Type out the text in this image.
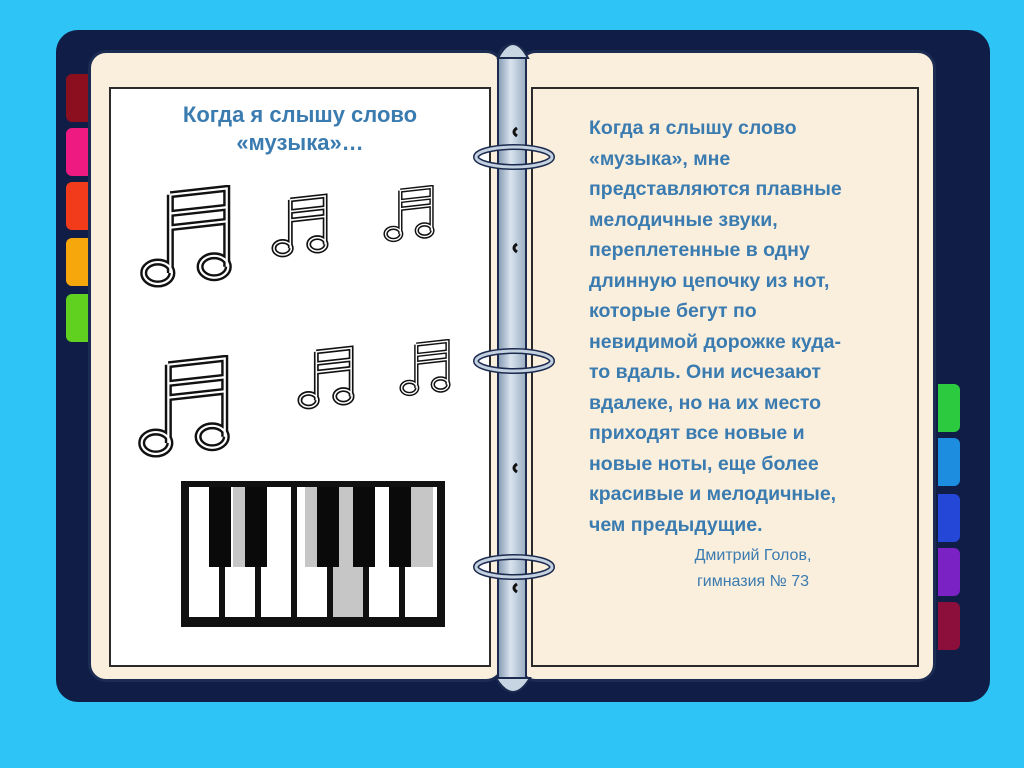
Когда я слышу слово
«музыка»…
Когда я слышу слово
«музыка», мне
представляются плавные
мелодичные звуки,
переплетенные в одну
длинную цепочку из нот,
которые бегут по
невидимой дорожке куда-
то вдаль. Они исчезают
вдалеке, но на их место
приходят все новые и
новые ноты, еще более
красивые и мелодичные,
чем предыдущие.
Дмитрий Голов,
гимназия № 73
